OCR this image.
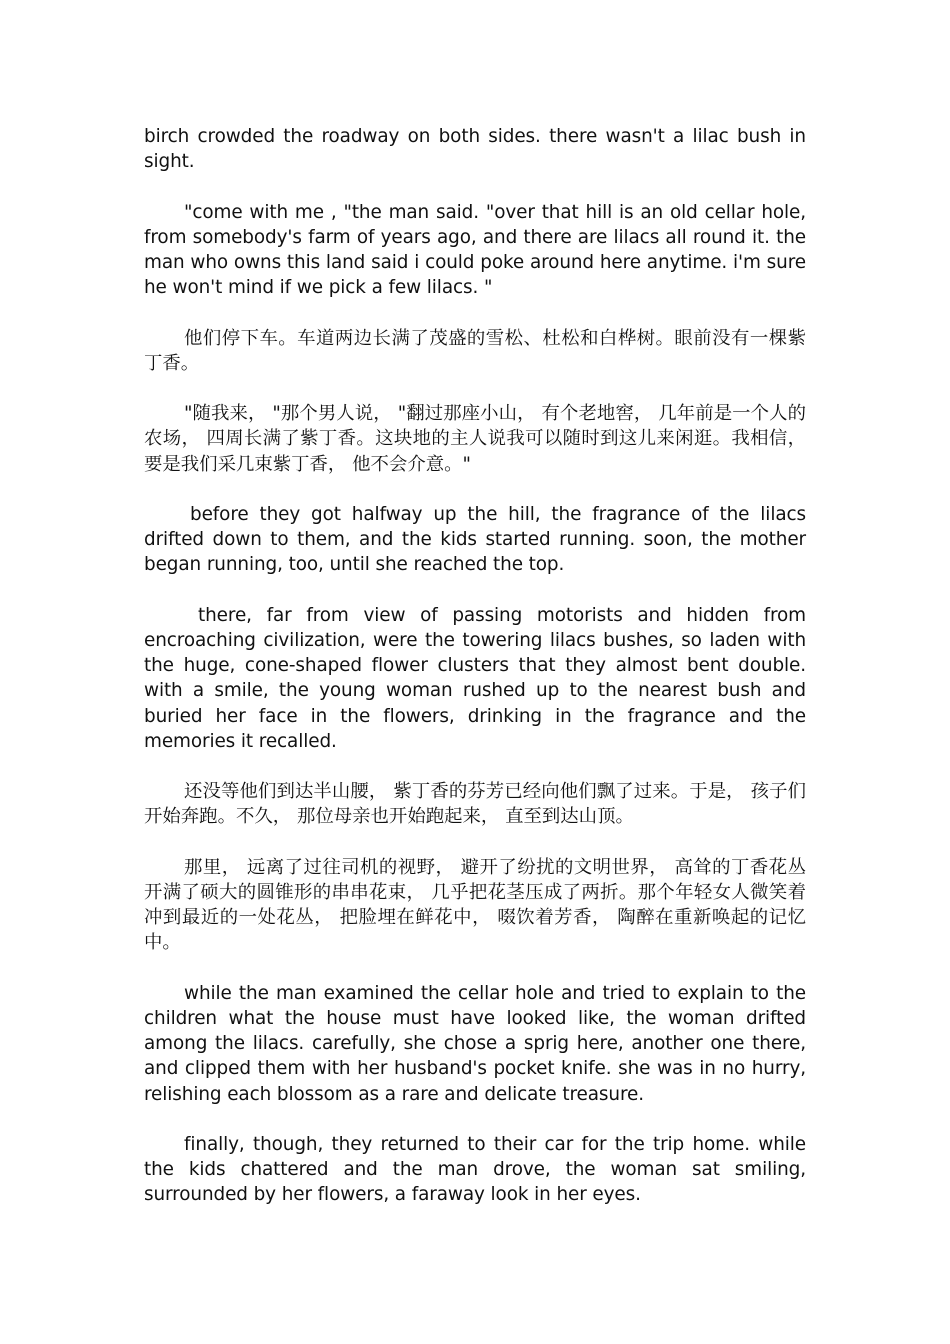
birch crowded the roadway on both sides. there wasn't a lilac bush in sight.

"come with me , "the man said. "over that hill is an old cellar hole, from somebody's farm of years ago, and there are lilacs all round it. the man who owns this land said i could poke around here anytime. i'm sure he won't mind if we pick a few lilacs. "

他们停下车。车道两边长满了茂盛的雪松、杜松和白桦树。眼前没有一棵紫丁香。

"随我来， "那个男人说， "翻过那座小山， 有个老地窖， 几年前是一个人的农场， 四周长满了紫丁香。这块地的主人说我可以随时到这儿来闲逛。我相信， 要是我们采几束紫丁香， 他不会介意。"

before they got halfway up the hill, the fragrance of the lilacs drifted down to them, and the kids started running. soon, the mother began running, too, until she reached the top.

there, far from view of passing motorists and hidden from encroaching civilization, were the towering lilacs bushes, so laden with the huge, cone-shaped flower clusters that they almost bent double. with a smile, the young woman rushed up to the nearest bush and buried her face in the flowers, drinking in the fragrance and the memories it recalled.

还没等他们到达半山腰， 紫丁香的芬芳已经向他们飘了过来。于是， 孩子们开始奔跑。不久， 那位母亲也开始跑起来， 直至到达山顶。

那里， 远离了过往司机的视野， 避开了纷扰的文明世界， 高耸的丁香花丛开满了硕大的圆锥形的串串花束， 几乎把花茎压成了两折。那个年轻女人微笑着冲到最近的一处花丛， 把脸埋在鲜花中， 啜饮着芳香， 陶醉在重新唤起的记忆中。

while the man examined the cellar hole and tried to explain to the children what the house must have looked like, the woman drifted among the lilacs. carefully, she chose a sprig here, another one there, and clipped them with her husband's pocket knife. she was in no hurry, relishing each blossom as a rare and delicate treasure.

finally, though, they returned to their car for the trip home. while the kids chattered and the man drove, the woman sat smiling, surrounded by her flowers, a faraway look in her eyes.
